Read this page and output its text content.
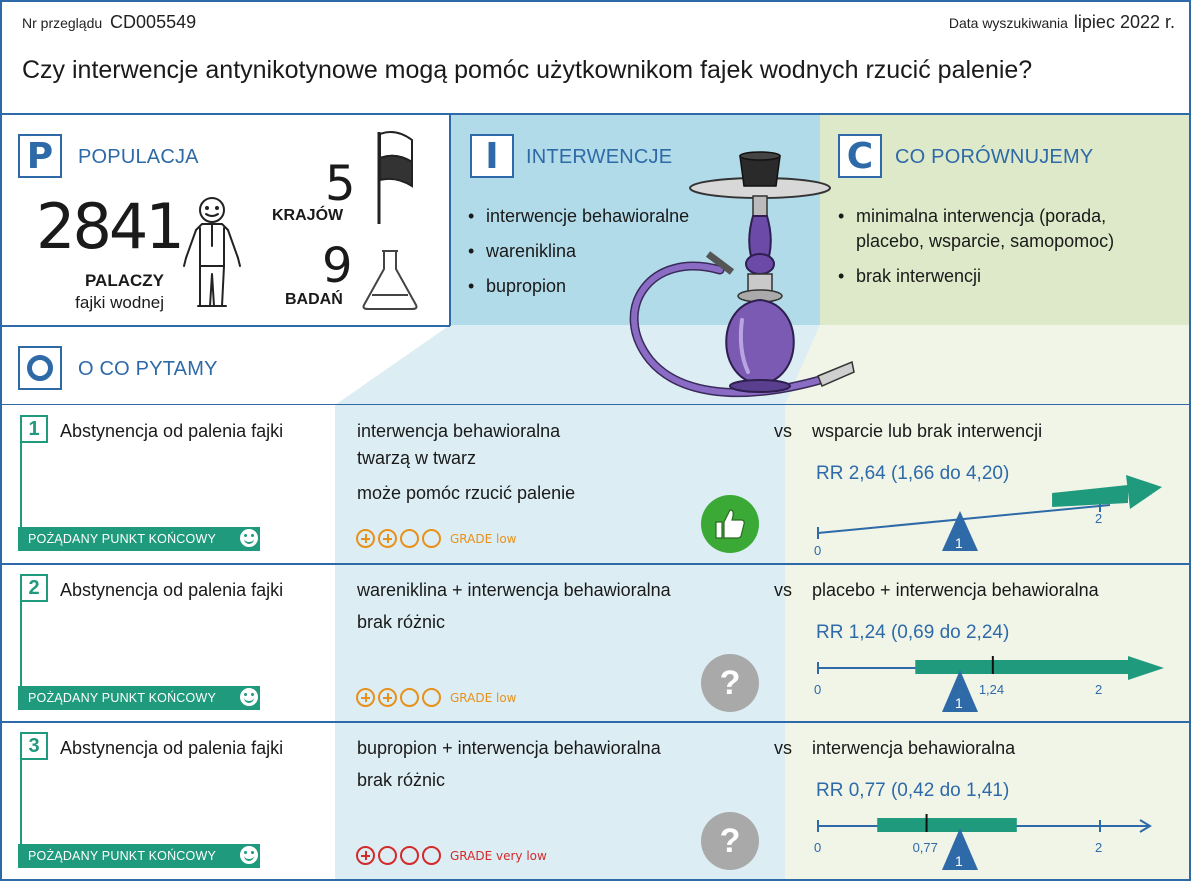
Nr przeglądu CD005549	Data wyszukiwania lipiec 2022 r.
Czy interwencje antynikotynowe mogą pomóc użytkownikom fajek wodnych rzucić palenie?
P	POPULACJA
2841
PALACZY
fajki wodnej
5
KRAJÓW
9
BADAŃ
I	INTERWENCJE
• interwencje behawioralne
• wareniklina
• bupropion
C	CO PORÓWNUJEMY
• minimalna interwencja (porada, placebo, wsparcie, samopomoc)
• brak interwencji
O CO PYTAMY
1	Abstynencja od palenia fajki
POŻĄDANY PUNKT KOŃCOWY
interwencja behawioralna
twarzą w twarz
może pomóc rzucić palenie
GRADE low
vs wsparcie lub brak interwencji
RR 2,64 (1,66 do 4,20)
0
2
1
2	Abstynencja od palenia fajki
POŻĄDANY PUNKT KOŃCOWY
wareniklina + interwencja behawioralna
brak różnic
GRADE low	?
vs placebo + interwencja behawioralna
RR 1,24 (0,69 do 2,24)
1,24
0	2
1
3	Abstynencja od palenia fajki
POŻĄDANY PUNKT KOŃCOWY
bupropion + interwencja behawioralna
brak różnic
GRADE very low	?
vs interwencja behawioralna
RR 0,77 (0,42 do 1,41)
0,77
0	2
1
